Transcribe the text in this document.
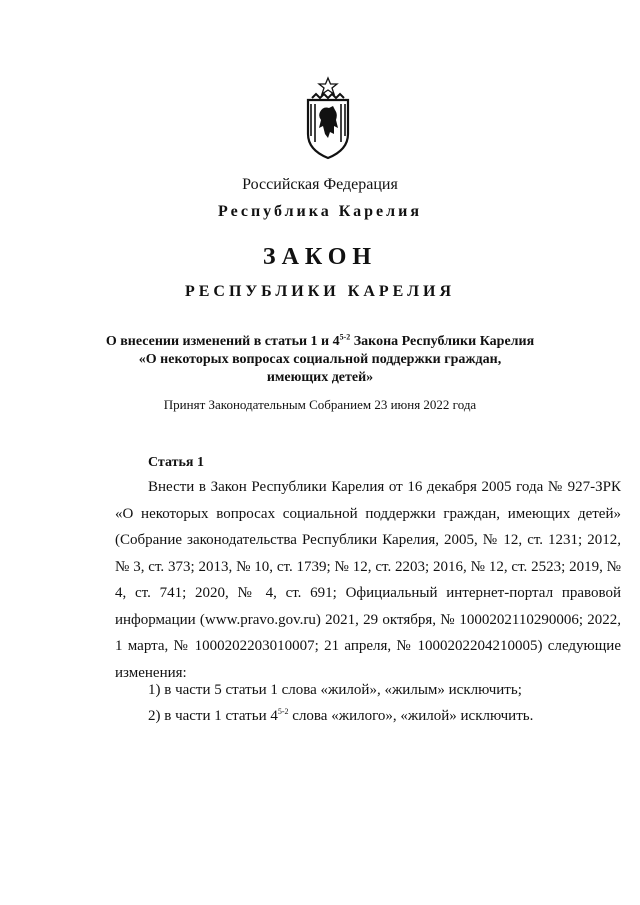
Российская Федерация
Республика Карелия
ЗАКОН
РЕСПУБЛИКИ КАРЕЛИЯ
О внесении изменений в статьи 1 и 4$^{5-2}$ Закона Республики Карелия
«О некоторых вопросах социальной поддержки граждан,
имеющих детей»
Принят Законодательным Собранием 23 июня 2022 года
Статья 1

Внести в Закон Республики Карелия от 16 декабря 2005 года № 927-ЗРК «О некоторых вопросах социальной поддержки граждан, имеющих детей» (Собрание законодательства Республики Карелия, 2005, № 12, ст. 1231; 2012, № 3, ст. 373; 2013, № 10, ст. 1739; № 12, ст. 2203; 2016, № 12, ст. 2523; 2019, № 4, ст. 741; 2020, № 4, ст. 691; Официальный интернет-портал правовой информации (www.pravo.gov.ru) 2021, 29 октября, № 1000202110290006; 2022, 1 марта, № 1000202203010007; 21 апреля, № 1000202204210005) следующие изменения:

1) в части 5 статьи 1 слова «жилой», «жилым» исключить;

2) в части 1 статьи 4$^{5-2}$ слова «жилого», «жилой» исключить.
